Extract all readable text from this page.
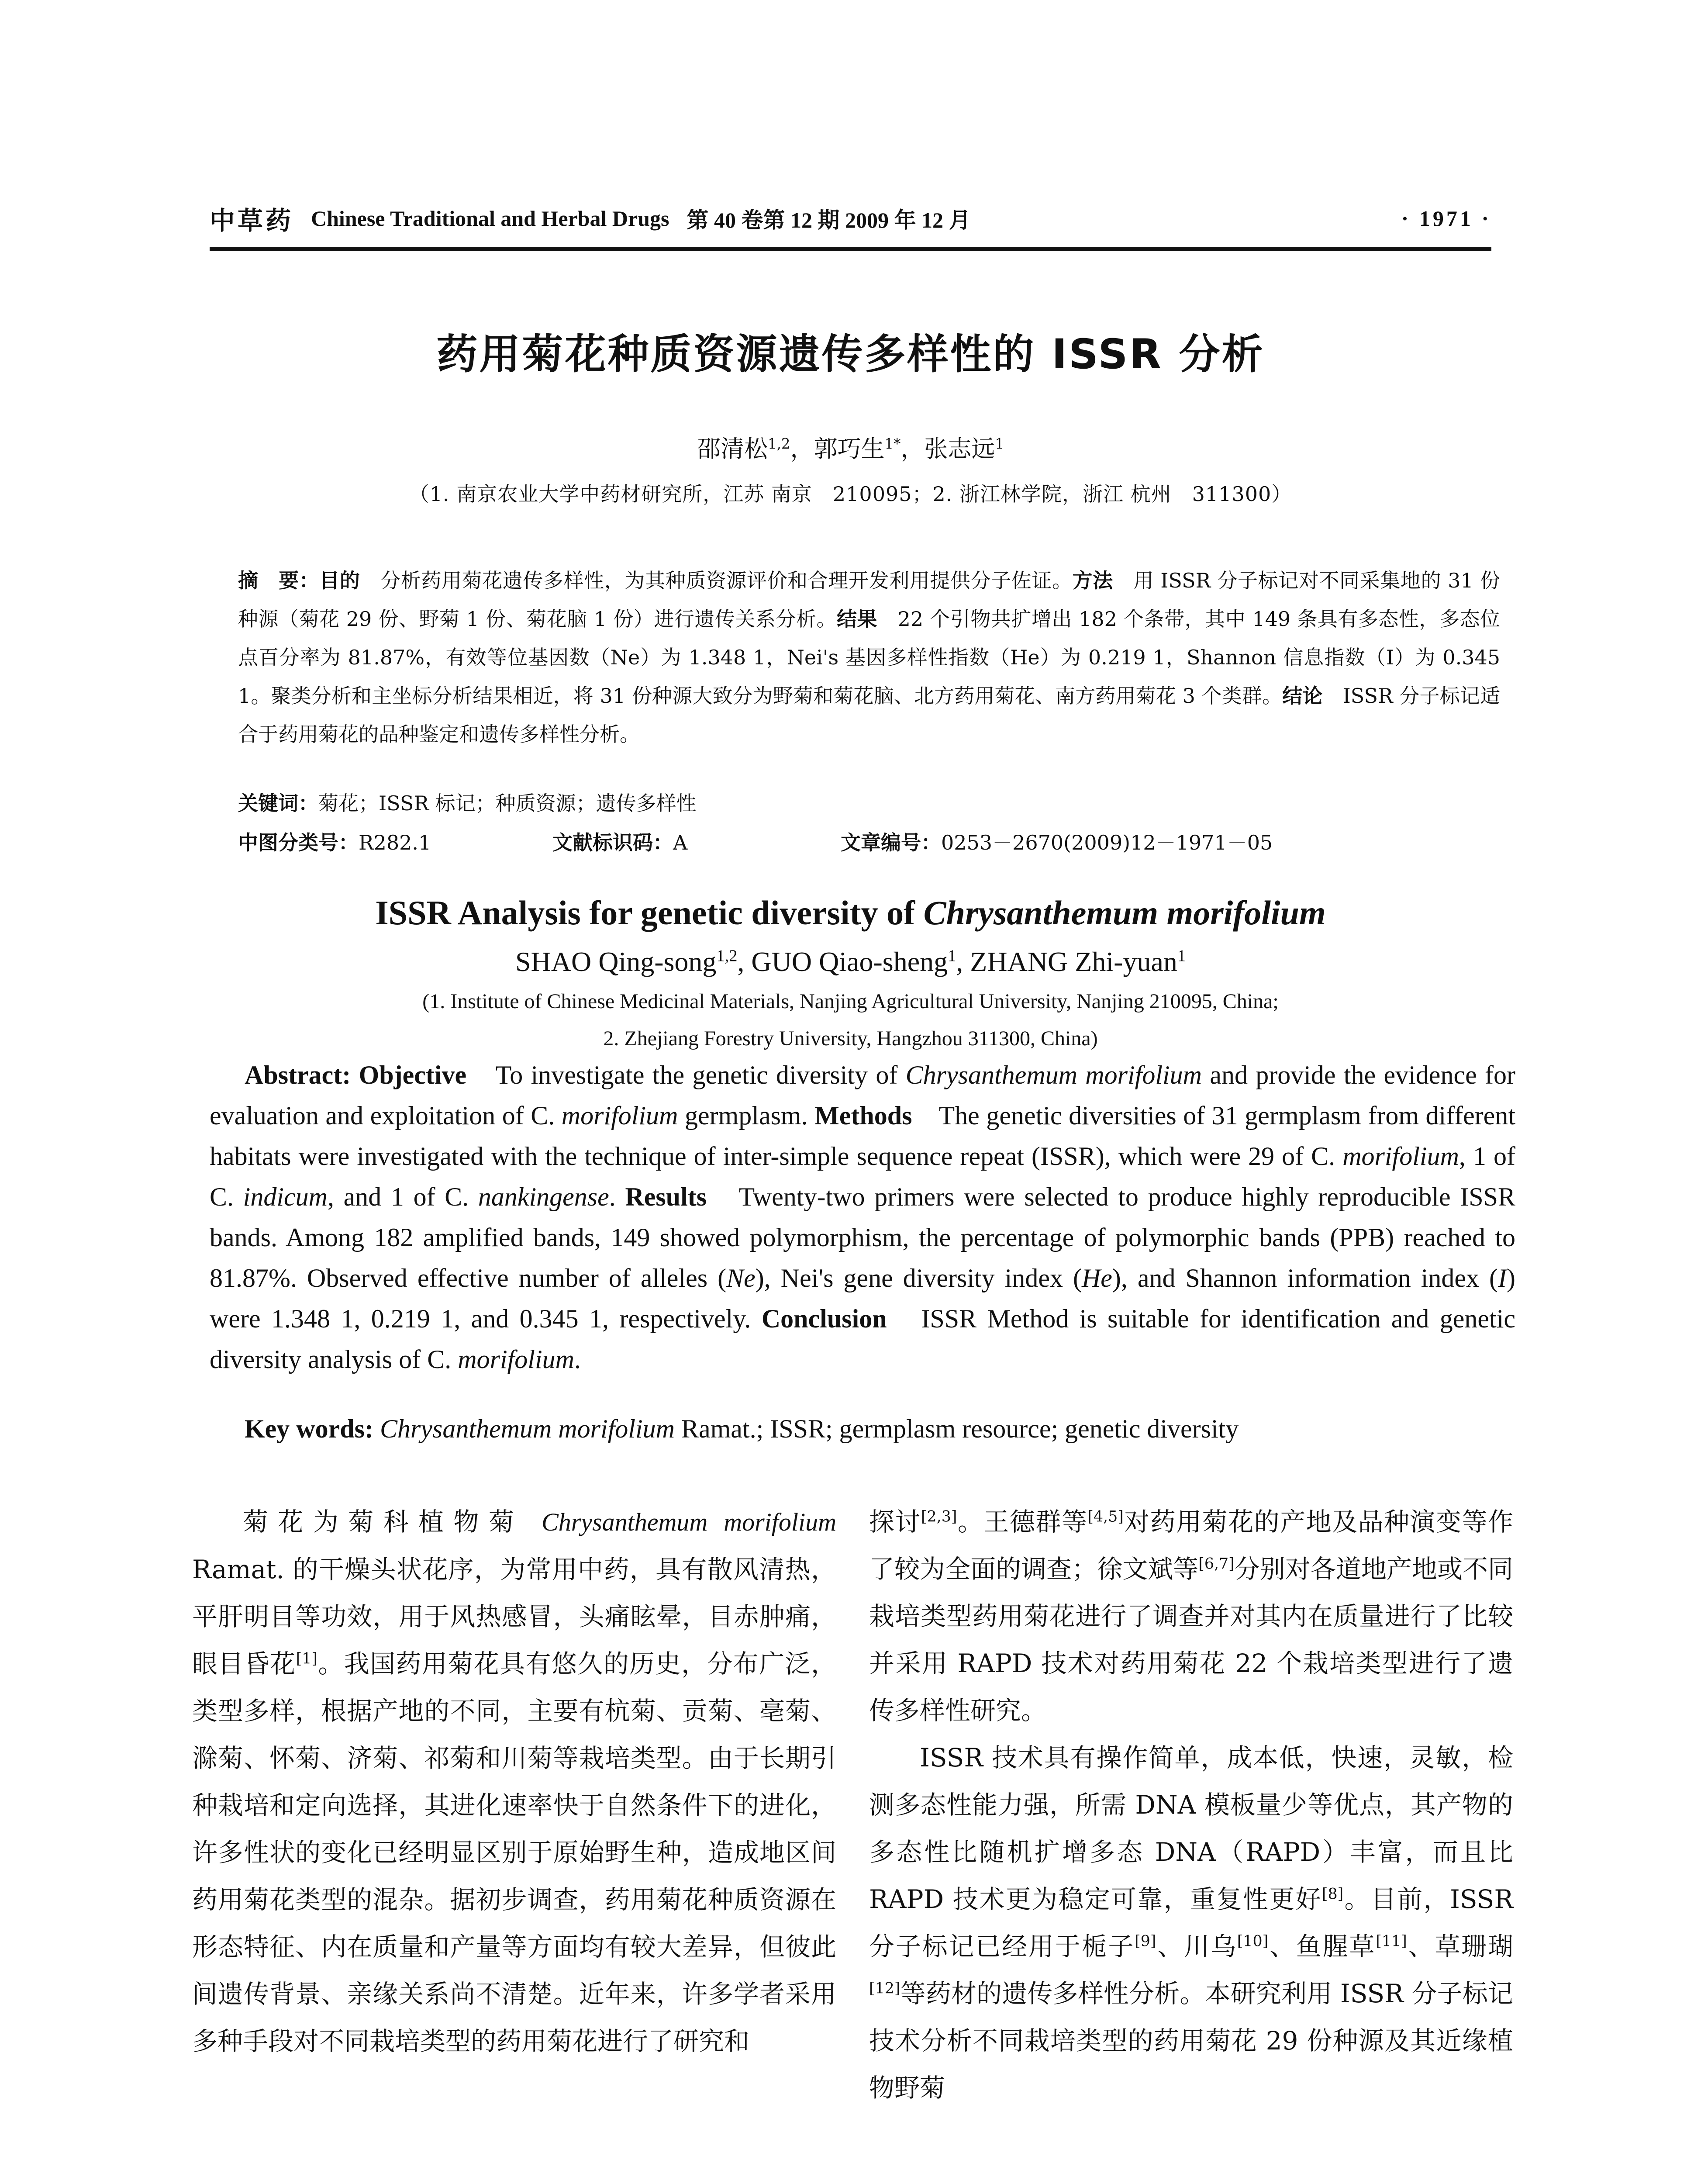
中草药 Chinese Traditional and Herbal Drugs 第 40 卷第 12 期 2009 年 12 月	· 1971 ·
药用菊花种质资源遗传多样性的 ISSR 分析
邵清松$^{1,2}$，郭巧生$^{1*}$，张志远$^1$
（1. 南京农业大学中药材研究所，江苏 南京　210095；2. 浙江林学院，浙江 杭州　311300）
摘　要：目的　分析药用菊花遗传多样性，为其种质资源评价和合理开发利用提供分子佐证。方法　用 ISSR 分子标记对不同采集地的 31 份种源（菊花 29 份、野菊 1 份、菊花脑 1 份）进行遗传关系分析。结果　22 个引物共扩增出 182 个条带，其中 149 条具有多态性，多态位点百分率为 81.87%，有效等位基因数（Ne）为 1.348 1，Nei's 基因多样性指数（He）为 0.219 1，Shannon 信息指数（I）为 0.345 1。聚类分析和主坐标分析结果相近，将 31 份种源大致分为野菊和菊花脑、北方药用菊花、南方药用菊花 3 个类群。结论　ISSR 分子标记适合于药用菊花的品种鉴定和遗传多样性分析。
关键词：菊花；ISSR 标记；种质资源；遗传多样性
中图分类号：R282.1	文献标识码：A	文章编号：0253－2670(2009)12－1971－05
ISSR Analysis for genetic diversity of Chrysanthemum morifolium
SHAO Qing-song$^{1,2}$, GUO Qiao-sheng$^1$, ZHANG Zhi-yuan$^1$
(1. Institute of Chinese Medicinal Materials, Nanjing Agricultural University, Nanjing 210095, China;
2. Zhejiang Forestry University, Hangzhou 311300, China)
Abstract: Objective　To investigate the genetic diversity of Chrysanthemum morifolium and provide the evidence for evaluation and exploitation of C. morifolium germplasm. Methods　The genetic diversities of 31 germplasm from different habitats were investigated with the technique of inter-simple sequence repeat (ISSR), which were 29 of C. morifolium, 1 of C. indicum, and 1 of C. nankingense. Results　Twenty-two primers were selected to produce highly reproducible ISSR bands. Among 182 amplified bands, 149 showed polymorphism, the percentage of polymorphic bands (PPB) reached to 81.87%. Observed effective number of alleles (Ne), Nei's gene diversity index (He), and Shannon information index (I) were 1.348 1, 0.219 1, and 0.345 1, respectively. Conclusion　ISSR Method is suitable for identification and genetic diversity analysis of C. morifolium.
Key words: Chrysanthemum morifolium Ramat.; ISSR; germplasm resource; genetic diversity
菊花为菊科植物菊 Chrysanthemum morifolium Ramat. 的干燥头状花序，为常用中药，具有散风清热，平肝明目等功效，用于风热感冒，头痛眩晕，目赤肿痛，眼目昏花[1]。我国药用菊花具有悠久的历史，分布广泛，类型多样，根据产地的不同，主要有杭菊、贡菊、亳菊、滁菊、怀菊、济菊、祁菊和川菊等栽培类型。由于长期引种栽培和定向选择，其进化速率快于自然条件下的进化，许多性状的变化已经明显区别于原始野生种，造成地区间药用菊花类型的混杂。据初步调查，药用菊花种质资源在形态特征、内在质量和产量等方面均有较大差异，但彼此间遗传背景、亲缘关系尚不清楚。近年来，许多学者采用多种手段对不同栽培类型的药用菊花进行了研究和

探讨[2,3]。王德群等[4,5]对药用菊花的产地及品种演变等作了较为全面的调查；徐文斌等[6,7]分别对各道地产地或不同栽培类型药用菊花进行了调查并对其内在质量进行了比较并采用 RAPD 技术对药用菊花 22 个栽培类型进行了遗传多样性研究。

ISSR 技术具有操作简单，成本低，快速，灵敏，检测多态性能力强，所需 DNA 模板量少等优点，其产物的多态性比随机扩增多态 DNA（RAPD）丰富，而且比 RAPD 技术更为稳定可靠，重复性更好[8]。目前，ISSR 分子标记已经用于栀子[9]、川乌[10]、鱼腥草[11]、草珊瑚[12]等药材的遗传多样性分析。本研究利用 ISSR 分子标记技术分析不同栽培类型的药用菊花 29 份种源及其近缘植物野菊
